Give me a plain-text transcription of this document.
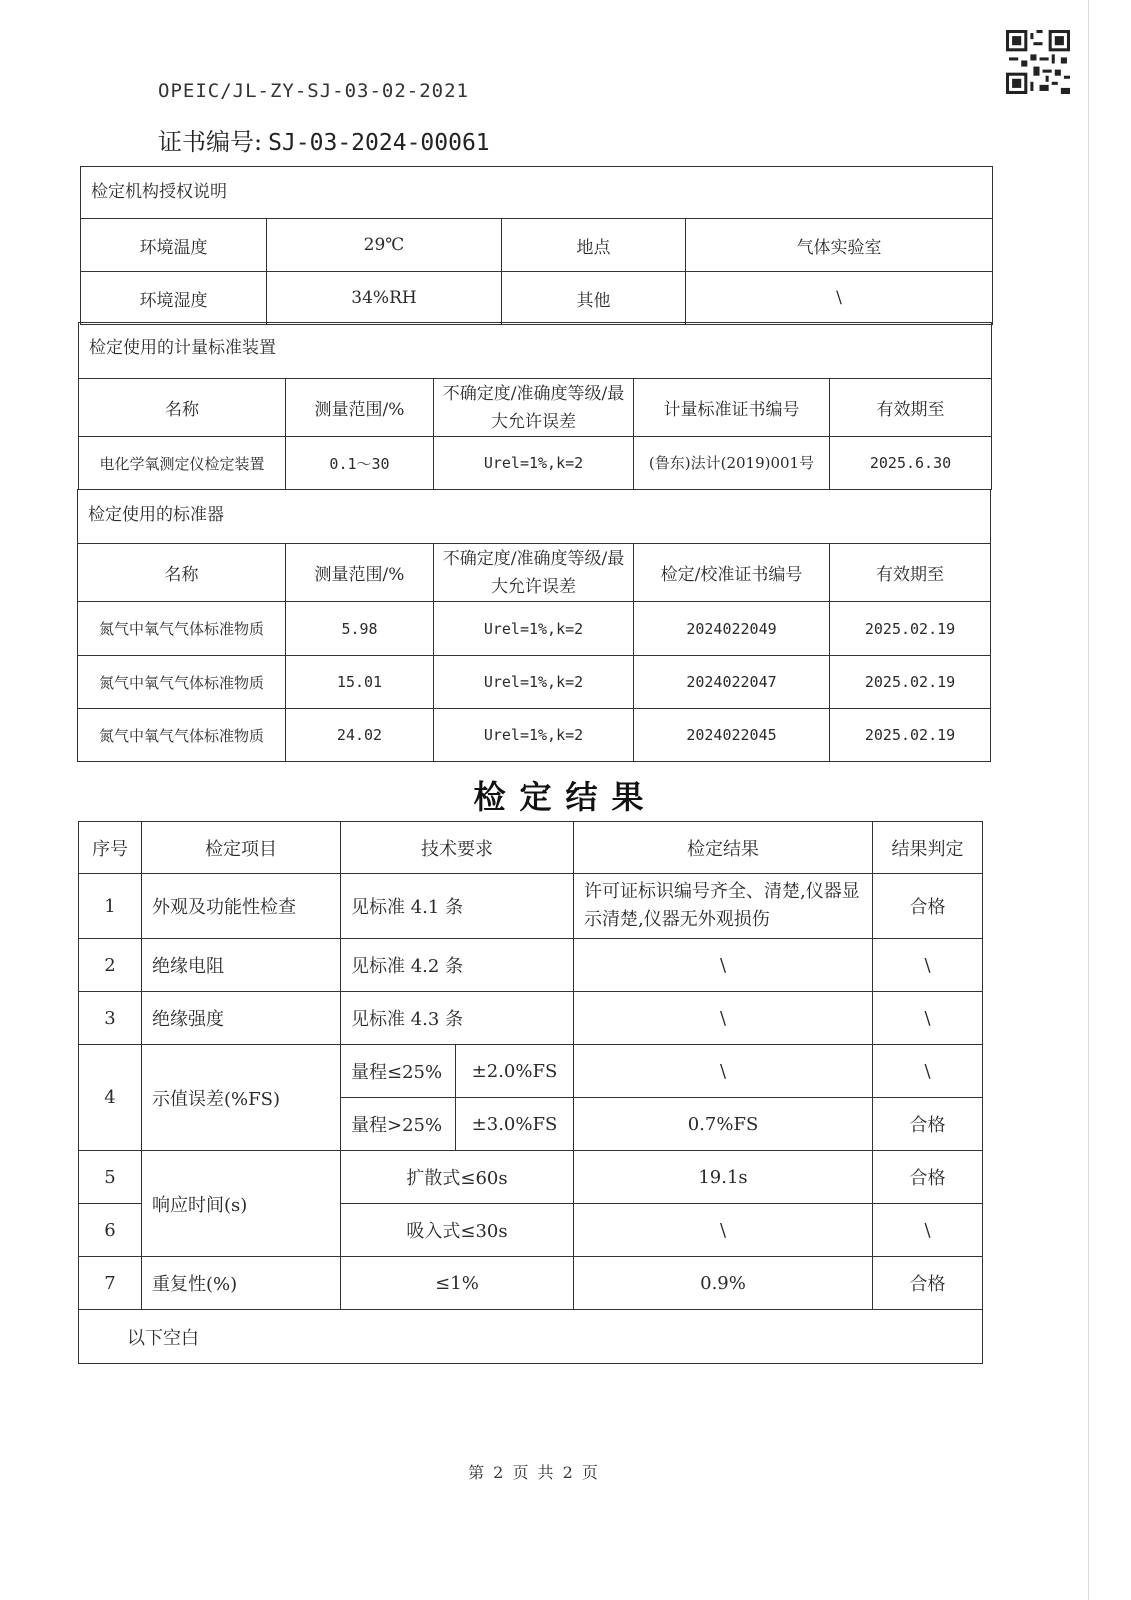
OPEIC/JL-ZY-SJ-03-02-2021
证书编号: SJ-03-2024-00061
检定机构授权说明			
环境温度	29℃	地点	气体实验室
环境湿度	34%RH	其他	\
检定使用的计量标准装置				
名称	测量范围/%	不确定度/准确度等级/最大允许误差	计量标准证书编号	有效期至
电化学氧测定仪检定装置	0.1～30	Urel=1%,k=2	(鲁东)法计(2019)001号	2025.6.30
检定使用的标准器				
名称	测量范围/%	不确定度/准确度等级/最大允许误差	检定/校准证书编号	有效期至
氮气中氧气气体标准物质	5.98	Urel=1%,k=2	2024022049	2025.02.19
氮气中氧气气体标准物质	15.01	Urel=1%,k=2	2024022047	2025.02.19
氮气中氧气气体标准物质	24.02	Urel=1%,k=2	2024022045	2025.02.19
检定结果
序号	检定项目	技术要求		检定结果	结果判定
1	外观及功能性检查	见标准 4.1 条		许可证标识编号齐全、清楚,仪器显示清楚,仪器无外观损伤	合格
2	绝缘电阻	见标准 4.2 条		\	\
3	绝缘强度	见标准 4.3 条		\	\
4	示值误差(%FS)	量程≤25%	±2.0%FS	\	\
		量程>25%	±3.0%FS	0.7%FS	合格
5	响应时间(s)	扩散式≤60s		19.1s	合格
6		吸入式≤30s		\	\
7	重复性(%)	≤1%		0.9%	合格
以下空白					
第 2 页 共 2 页
